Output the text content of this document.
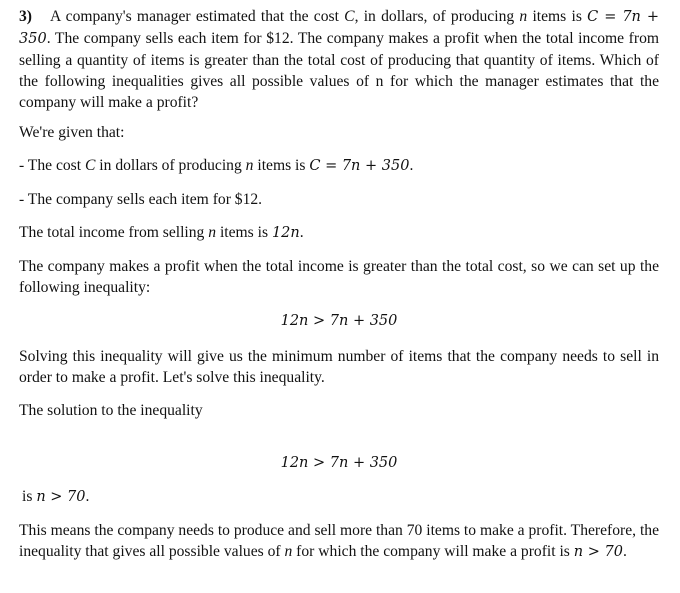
3) A company's manager estimated that the cost C, in dollars, of producing n items is C = 7n + 350. The company sells each item for $12. The company makes a profit when the total income from selling a quantity of items is greater than the total cost of producing that quantity of items. Which of the following inequalities gives all possible values of n for which the manager estimates that the company will make a profit?

We're given that:

- The cost C in dollars of producing n items is C = 7n + 350.

- The company sells each item for $12.

The total income from selling n items is 12n.

The company makes a profit when the total income is greater than the total cost, so we can set up the following inequality:

12n > 7n + 350

Solving this inequality will give us the minimum number of items that the company needs to sell in order to make a profit. Let's solve this inequality.

The solution to the inequality

12n > 7n + 350

is n > 70.

This means the company needs to produce and sell more than 70 items to make a profit. Therefore, the inequality that gives all possible values of n for which the company will make a profit is n > 70.
